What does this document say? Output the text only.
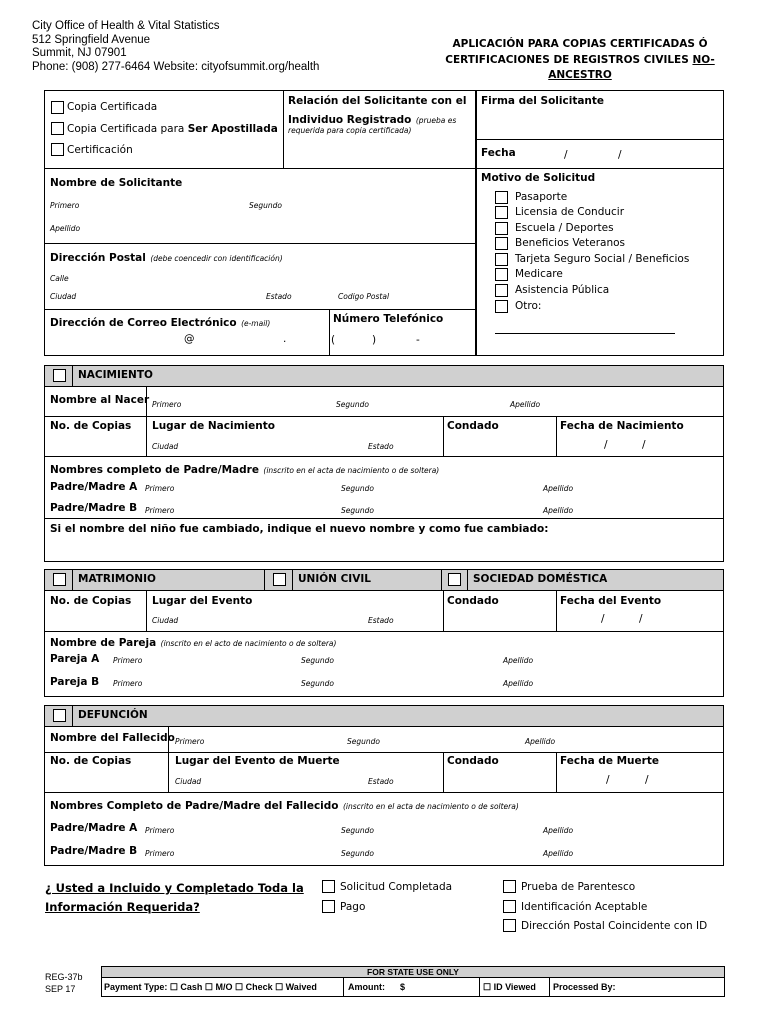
City Office of Health & Vital Statistics
512 Springfield Avenue
Summit, NJ 07901
Phone: (908) 277-6464 Website: cityofsummit.org/health
APLICACIÓN PARA COPIAS CERTIFICADAS Ó
CERTIFICACIONES DE REGISTROS CIVILES NO-ANCESTRO
Copia Certificada
Copia Certificada para Ser Apostillada
Certificación
Relación del Solicitante con el
Individuo Registrado (prueba es
requerida para copia certificada)
Firma del Solicitante
Fecha	/	/
Nombre de Solicitante
Primero	Segundo
Apellido
Dirección Postal (debe coencedir con identificación)
Calle
Ciudad	Estado	Codigo Postal
Dirección de Correo Electrónico (e-mail)
@	.
Número Telefónico
(	)	-
Motivo de Solicitud
Pasaporte
Licensia de Conducir
Escuela / Deportes
Beneficios Veteranos
Tarjeta Seguro Social / Beneficios
Medicare
Asistencia Pública
Otro:
NACIMIENTO
Nombre al Nacer Primero	Segundo	Apellido
No. de Copias Lugar de Nacimiento
Ciudad	Estado
Condado	Fecha de Nacimiento
/	/
Nombres completo de Padre/Madre (inscrito en el acta de nacimiento o de soltera)
Padre/Madre A Primero	Segundo	Apellido
Padre/Madre B Primero	Segundo	Apellido
Si el nombre del niño fue cambiado, indique el nuevo nombre y como fue cambiado:
MATRIMONIO	UNIÓN CIVIL	SOCIEDAD DOMÉSTICA
No. de Copias Lugar del Evento
Ciudad	Estado
Condado	Fecha del Evento
/	/
Nombre de Pareja (inscrito en el acto de nacimiento o de soltera)
Pareja A Primero	Segundo	Apellido
Pareja B Primero	Segundo	Apellido
DEFUNCIÓN
Nombre del Fallecido Primero	Segundo	Apellido
No. de Copias	Lugar del Evento de Muerte
Ciudad	Estado
Condado	Fecha de Muerte
/	/
Nombres Completo de Padre/Madre del Fallecido (inscrito en el acta de nacimiento o de soltera)
Padre/Madre A Primero	Segundo	Apellido
Padre/Madre B Primero	Segundo	Apellido
¿ Usted a Incluido y Completado Toda la
Información Requerida?
Solicitud Completada
Pago
Prueba de Parentesco
Identificación Aceptable
Dirección Postal Coincidente con ID
REG-37b
SEP 17
FOR STATE USE ONLY
Payment Type: ☐ Cash ☐ M/O ☐ Check ☐ Waived	Amount: $	☐ ID Viewed Processed By:
